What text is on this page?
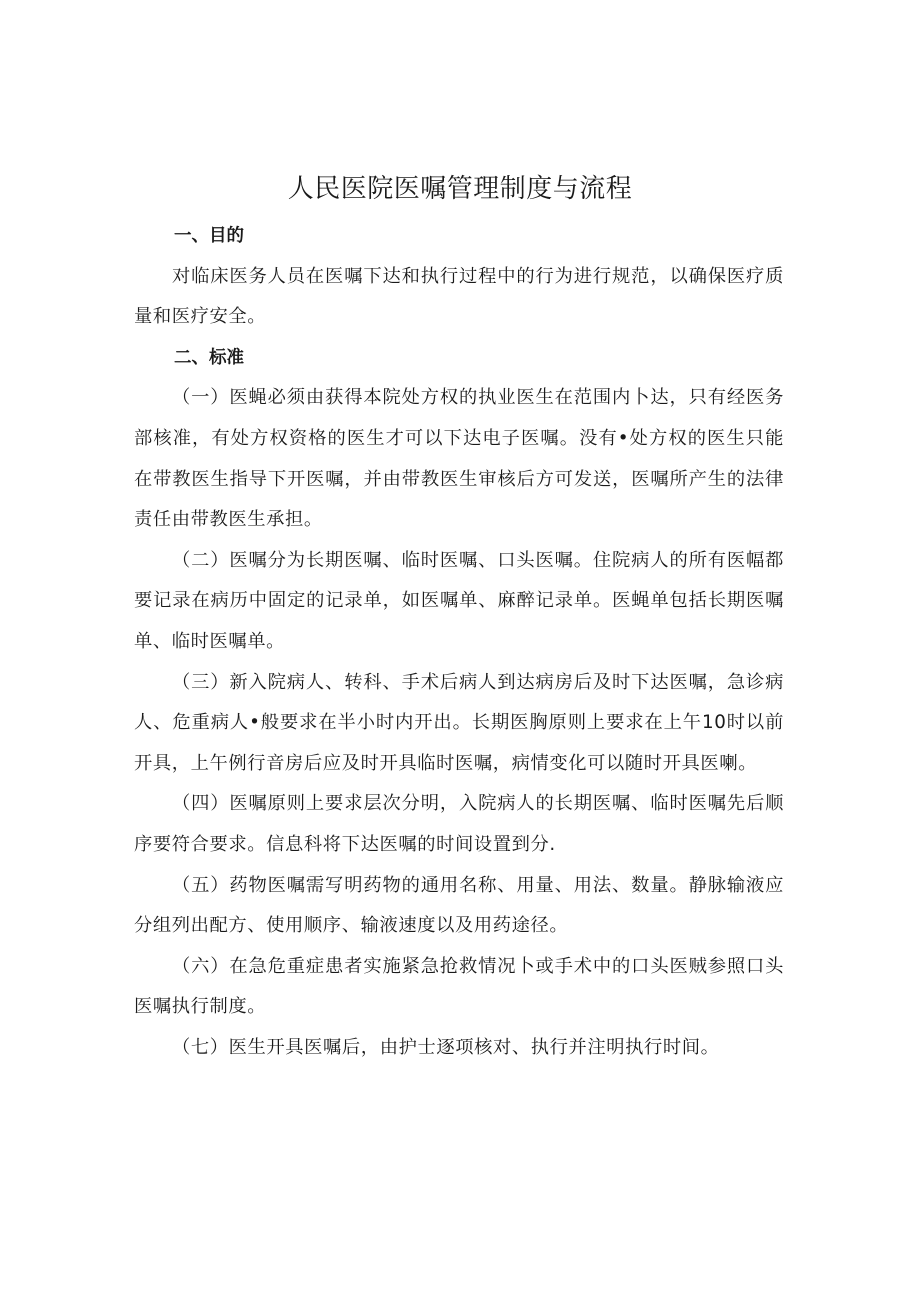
人民医院医嘱管理制度与流程

一、目的

对临床医务人员在医嘱下达和执行过程中的行为进行规范，以确保医疗质量和医疗安全。

二、标准

（一）医蝇必须由获得本院处方权的执业医生在范围内卜达，只有经医务部核准，有处方权资格的医生才可以下达电子医嘱。没有•处方权的医生只能在带教医生指导下开医嘱，并由带教医生审核后方可发送，医嘱所产生的法律责任由带教医生承担。

（二）医嘱分为长期医嘱、临时医嘱、口头医嘱。住院病人的所有医幅都要记录在病历中固定的记录单，如医嘱单、麻醉记录单。医蝇单包括长期医嘱单、临时医嘱单。

（三）新入院病人、转科、手术后病人到达病房后及时下达医嘱，急诊病人、危重病人•般要求在半小时内开出。长期医胸原则上要求在上午10时以前开具，上午例行音房后应及时开具临时医嘱，病情变化可以随时开具医喇。

（四）医嘱原则上要求层次分明，入院病人的长期医嘱、临时医嘱先后顺序要符合要求。信息科将下达医嘱的时间设置到分.

（五）药物医嘱需写明药物的通用名称、用量、用法、数量。静脉输液应分组列出配方、使用顺序、输液速度以及用药途径。

（六）在急危重症患者实施紧急抢救情况卜或手术中的口头医贼参照口头医嘱执行制度。

（七）医生开具医嘱后，由护士逐项核对、执行并注明执行时间。
